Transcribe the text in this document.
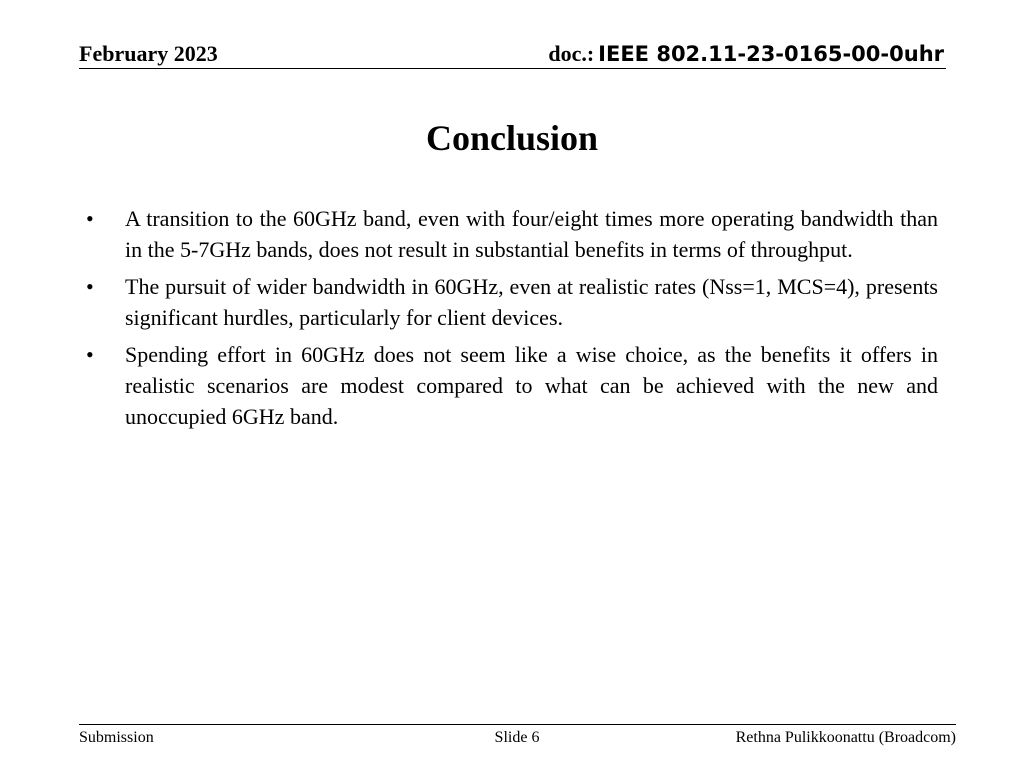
February 2023	doc.: IEEE 802.11-23-0165-00-0uhr
Conclusion
•	A transition to the 60GHz band, even with four/eight times more operating bandwidth than in the 5-7GHz bands, does not result in substantial benefits in terms of throughput.
•	The pursuit of wider bandwidth in 60GHz, even at realistic rates (Nss=1, MCS=4), presents significant hurdles, particularly for client devices.
•	Spending effort in 60GHz does not seem like a wise choice, as the benefits it offers in realistic scenarios are modest compared to what can be achieved with the new and unoccupied 6GHz band.
Submission	Slide 6	Rethna Pulikkoonattu (Broadcom)
